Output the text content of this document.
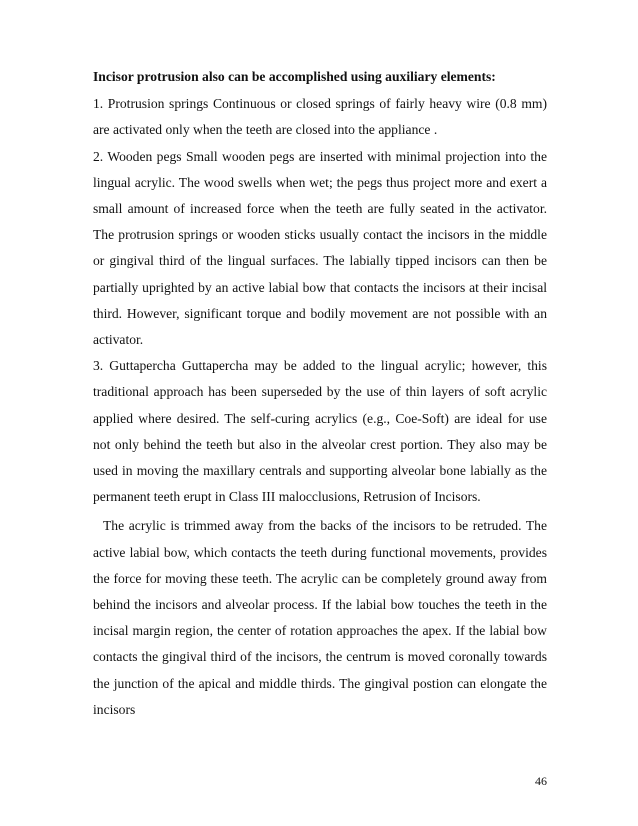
Incisor protrusion also can be accomplished using auxiliary elements:

1. Protrusion springs Continuous or closed springs of fairly heavy wire (0.8 mm) are activated only when the teeth are closed into the appliance .

2. Wooden pegs Small wooden pegs are inserted with minimal projection into the lingual acrylic. The wood swells when wet; the pegs thus project more and exert a small amount of increased force when the teeth are fully seated in the activator. The protrusion springs or wooden sticks usually contact the incisors in the middle or gingival third of the lingual surfaces. The labially tipped incisors can then be partially uprighted by an active labial bow that contacts the incisors at their incisal third. However, significant torque and bodily movement are not possible with an activator.

3. Guttapercha Guttapercha may be added to the lingual acrylic; however, this traditional approach has been superseded by the use of thin layers of soft acrylic applied where desired. The self-curing acrylics (e.g., Coe-Soft) are ideal for use not only behind the teeth but also in the alveolar crest portion. They also may be used in moving the maxillary centrals and supporting alveolar bone labially as the permanent teeth erupt in Class III malocclusions, Retrusion of Incisors.

The acrylic is trimmed away from the backs of the incisors to be retruded. The active labial bow, which contacts the teeth during functional movements, provides the force for moving these teeth. The acrylic can be completely ground away from behind the incisors and alveolar process. If the labial bow touches the teeth in the incisal margin region, the center of rotation approaches the apex. If the labial bow contacts the gingival third of the incisors, the centrum is moved coronally towards the junction of the apical and middle thirds. The gingival postion can elongate the incisors

46
